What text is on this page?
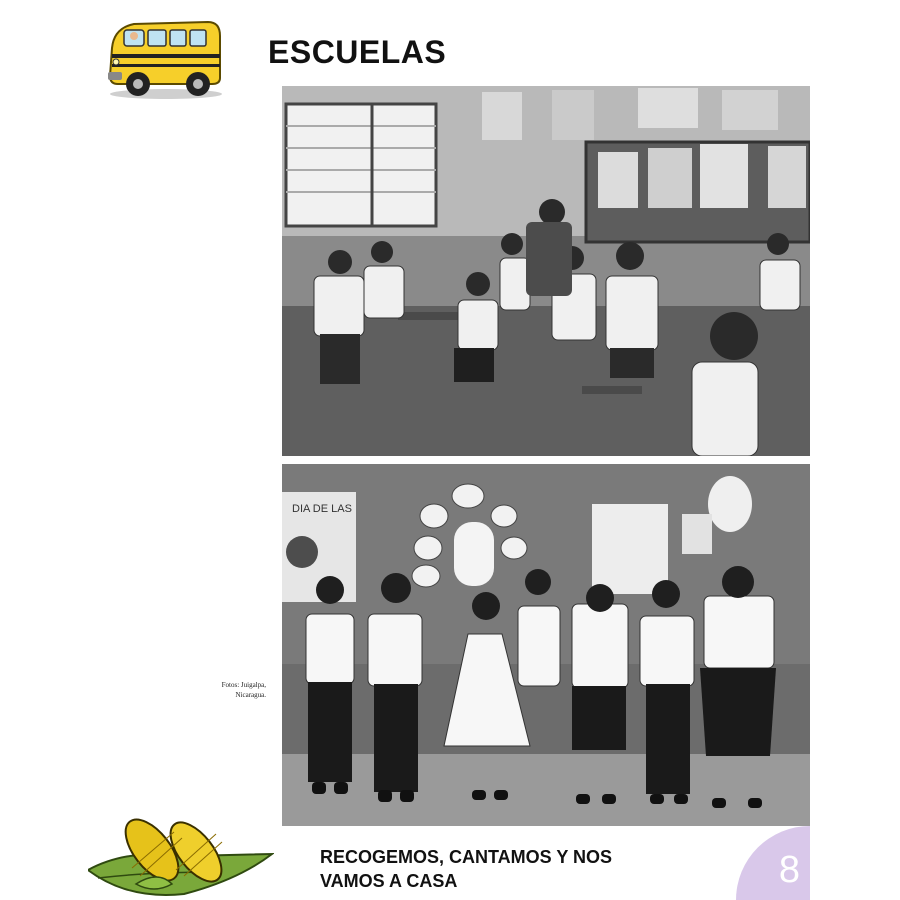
ESCUELAS
DIA DE LAS
Fotos: Juigalpa,
Nicaragua.
RECOGEMOS, CANTAMOS Y NOS
VAMOS A CASA	8
